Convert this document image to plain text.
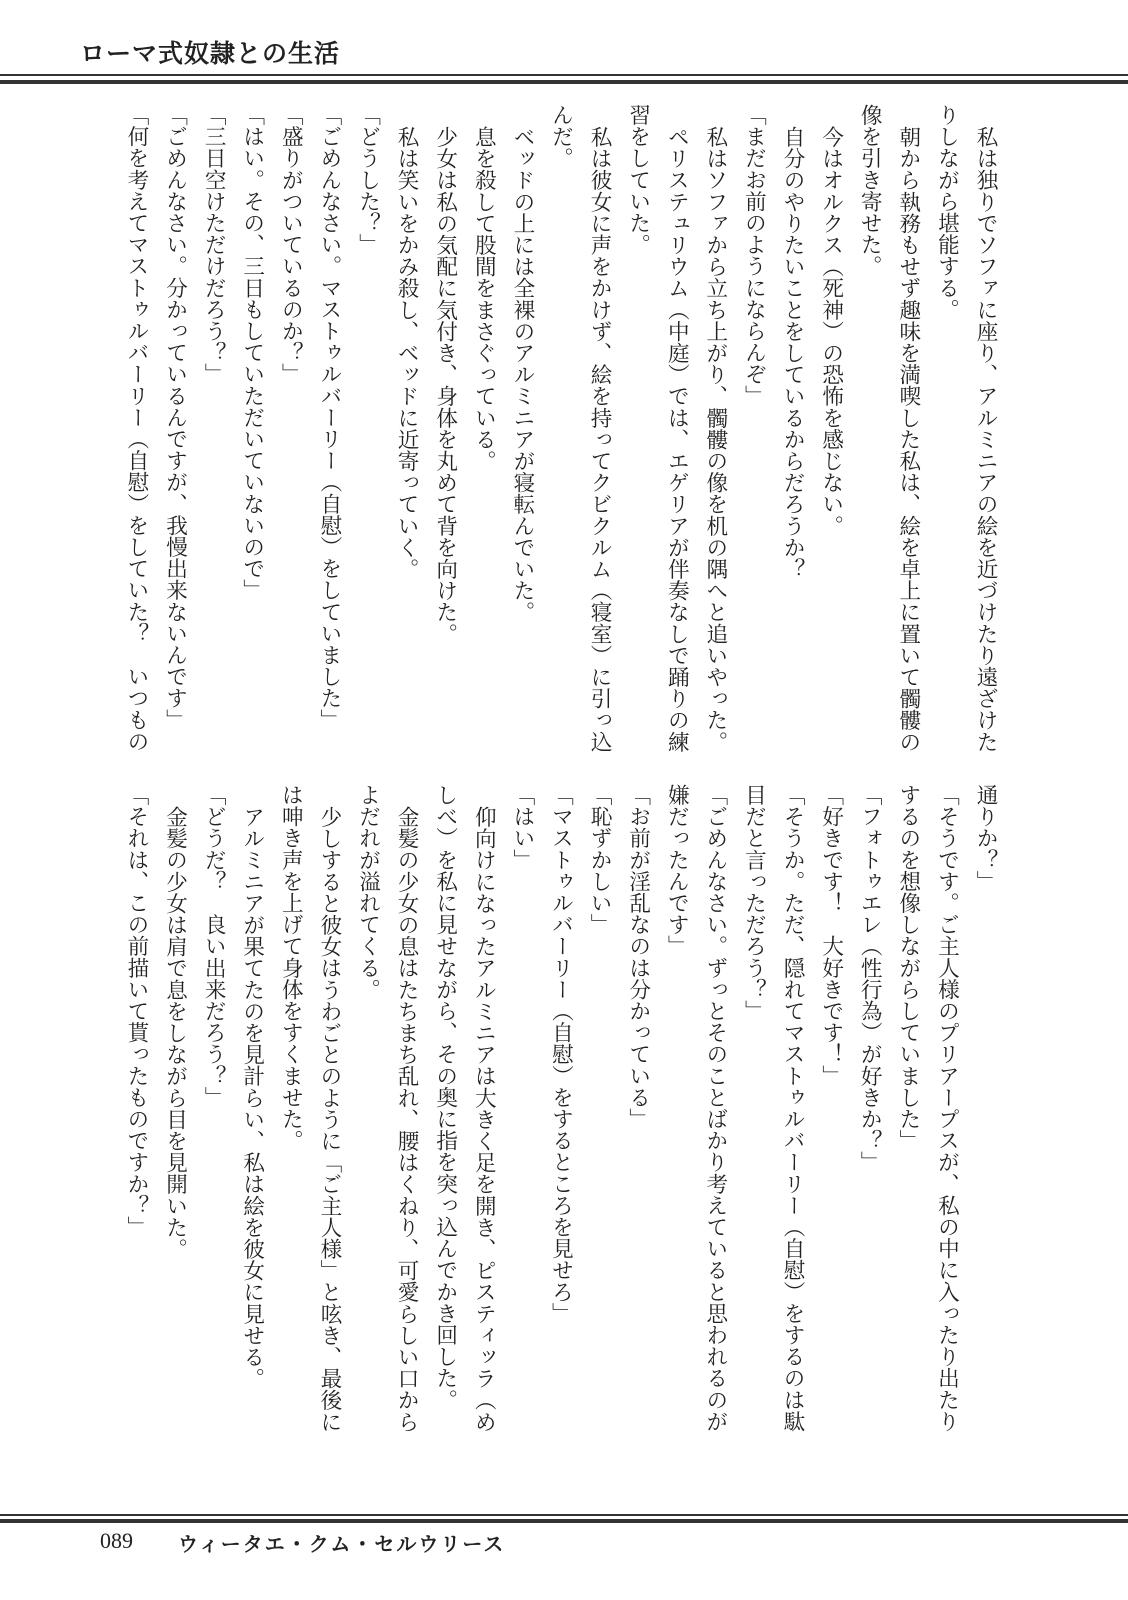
ローマ式奴隷との生活
私は独りでソファに座り、アルミニアの絵を近づけたり遠ざけた
りしながら堪能する。
朝から執務もせず趣味を満喫した私は、絵を卓上に置いて髑髏の
像を引き寄せた。
今はオルクス（死神）の恐怖を感じない。
自分のやりたいことをしているからだろうか？
「まだお前のようにならんぞ」
私はソファから立ち上がり、髑髏の像を机の隅へと追いやった。
ペリステュリウム（中庭）では、エゲリアが伴奏なしで踊りの練
習をしていた。
私は彼女に声をかけず、絵を持ってクビクルム（寝室）に引っ込
んだ。
ベッドの上には全裸のアルミニアが寝転んでいた。
息を殺して股間をまさぐっている。
少女は私の気配に気付き、身体を丸めて背を向けた。
私は笑いをかみ殺し、ベッドに近寄っていく。
「どうした？」
「ごめんなさい。マストゥルバーリー（自慰）をしていました」
「盛りがついているのか？」
「はい。その、三日もしていただいていないので」
「三日空けただけだろう？」
「ごめんなさい。分かっているんですが、我慢出来ないんです」
「何を考えてマストゥルバーリー（自慰）をしていた？　いつもの
通りか？」
「そうです。ご主人様のプリアープスが、私の中に入ったり出たり
するのを想像しながらしていました」
「フォトゥエレ（性行為）が好きか？」
「好きです！　大好きです！」
「そうか。ただ、隠れてマストゥルバーリー（自慰）をするのは駄
目だと言っただろう？」
「ごめんなさい。ずっとそのことばかり考えていると思われるのが
嫌だったんです」
「お前が淫乱なのは分かっている」
「恥ずかしい」
「マストゥルバーリー（自慰）をするところを見せろ」
「はい」
仰向けになったアルミニアは大きく足を開き、ピスティッラ（め
しべ）を私に見せながら、その奥に指を突っ込んでかき回した。
金髪の少女の息はたちまち乱れ、腰はくねり、可愛らしい口から
よだれが溢れてくる。
少しすると彼女はうわごとのように「ご主人様」と呟き、最後に
は呻き声を上げて身体をすくませた。
アルミニアが果てたのを見計らい、私は絵を彼女に見せる。
「どうだ？　良い出来だろう？」
金髪の少女は肩で息をしながら目を見開いた。
「それは、この前描いて貰ったものですか？」
089 ウィータエ・クム・セルウリース
